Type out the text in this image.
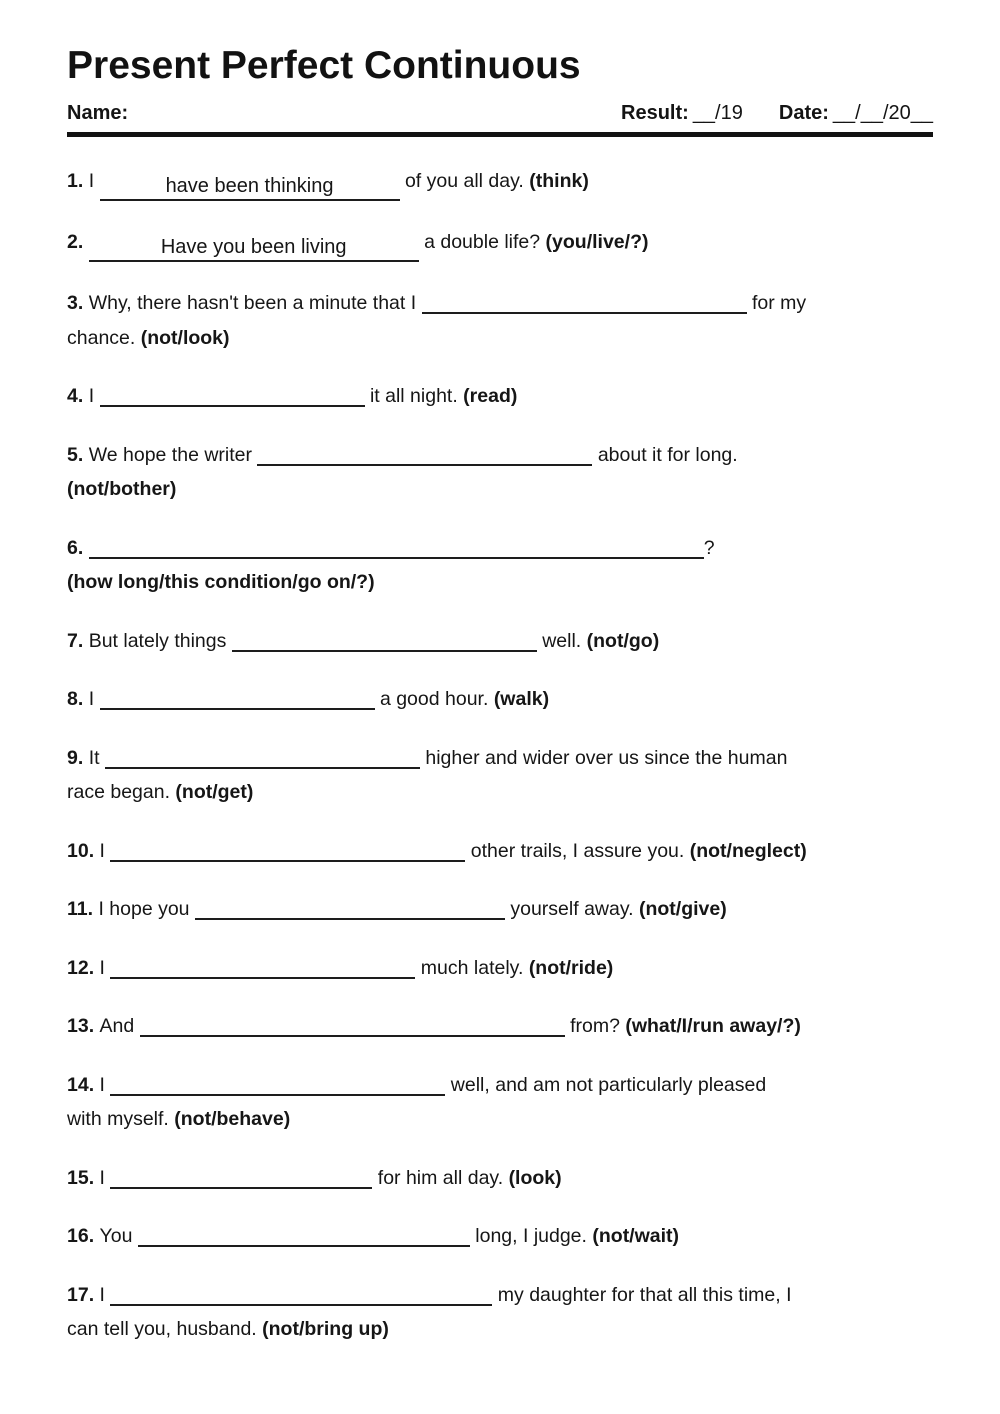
Present Perfect Continuous
Name:	Result: __/19 Date: __/__/20__
1. I	have been thinking	of you all day. (think)
2.	Have you been living	a double life? (you/live/?)
3. Why, there hasn't been a minute that I	for my
chance. (not/look)
4. I	it all night. (read)
5. We hope the writer	about it for long.
(not/bother)
6.	?
(how long/this condition/go on/?)
7. But lately things	well. (not/go)
8. I	a good hour. (walk)
9. It	higher and wider over us since the human
race began. (not/get)
10. I	other trails, I assure you. (not/neglect)
11. I hope you	yourself away. (not/give)
12. I	much lately. (not/ride)
13. And	from? (what/I/run away/?)
14. I	well, and am not particularly pleased
with myself. (not/behave)
15. I	for him all day. (look)
16. You	long, I judge. (not/wait)
17. I	my daughter for that all this time, I
can tell you, husband. (not/bring up)
